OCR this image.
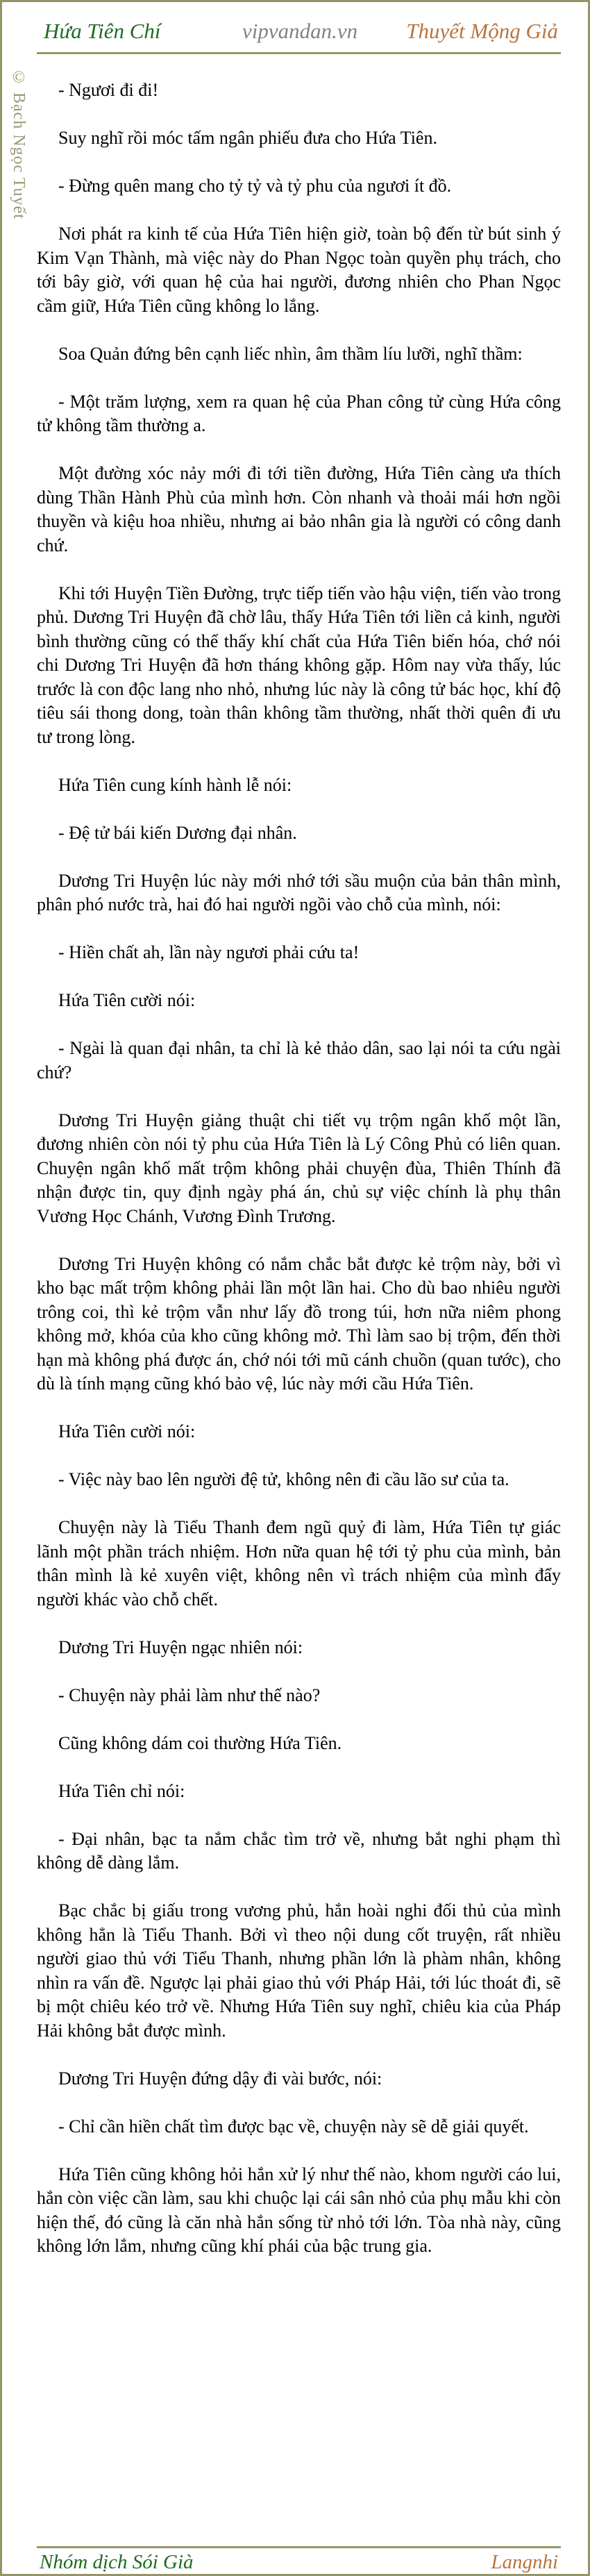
Hứa Tiên Chí	vipvandan.vn Thuyết Mộng Giả
© Bạch Ngọc Tuyết	- Ngươi đi đi!

Suy nghĩ rồi móc tấm ngân phiếu đưa cho Hứa Tiên.

- Đừng quên mang cho tỷ tỷ và tỷ phu của ngươi ít đồ.

Nơi phát ra kinh tế của Hứa Tiên hiện giờ, toàn bộ đến từ bút sinh ý Kim Vạn Thành, mà việc này do Phan Ngọc toàn quyền phụ trách, cho tới bây giờ, với quan hệ của hai người, đương nhiên cho Phan Ngọc cầm giữ, Hứa Tiên cũng không lo lắng.

Soa Quản đứng bên cạnh liếc nhìn, âm thầm líu lưỡi, nghĩ thầm:

- Một trăm lượng, xem ra quan hệ của Phan công tử cùng Hứa công tử không tầm thường a.

Một đường xóc nảy mới đi tới tiền đường, Hứa Tiên càng ưa thích dùng Thần Hành Phù của mình hơn. Còn nhanh và thoải mái hơn ngồi thuyền và kiệu hoa nhiều, nhưng ai bảo nhân gia là người có công danh chứ.

Khi tới Huyện Tiền Đường, trực tiếp tiến vào hậu viện, tiến vào trong phủ. Dương Tri Huyện đã chờ lâu, thấy Hứa Tiên tới liền cả kinh, người bình thường cũng có thể thấy khí chất của Hứa Tiên biến hóa, chớ nói chi Dương Tri Huyện đã hơn tháng không gặp. Hôm nay vừa thấy, lúc trước là con độc lang nho nhỏ, nhưng lúc này là công tử bác học, khí độ tiêu sái thong dong, toàn thân không tầm thường, nhất thời quên đi ưu tư trong lòng.

Hứa Tiên cung kính hành lễ nói:

- Đệ tử bái kiến Dương đại nhân.

Dương Tri Huyện lúc này mới nhớ tới sầu muộn của bản thân mình, phân phó nước trà, hai đó hai người ngồi vào chỗ của mình, nói:

- Hiền chất ah, lần này ngươi phải cứu ta!

Hứa Tiên cười nói:

- Ngài là quan đại nhân, ta chỉ là kẻ thảo dân, sao lại nói ta cứu ngài chứ?

Dương Tri Huyện giảng thuật chi tiết vụ trộm ngân khố một lần, đương nhiên còn nói tỷ phu của Hứa Tiên là Lý Công Phủ có liên quan. Chuyện ngân khố mất trộm không phải chuyện đùa, Thiên Thính đã nhận được tin, quy định ngày phá án, chủ sự việc chính là phụ thân Vương Học Chánh, Vương Đình Trương.

Dương Tri Huyện không có nắm chắc bắt được kẻ trộm này, bởi vì kho bạc mất trộm không phải lần một lần hai. Cho dù bao nhiêu người trông coi, thì kẻ trộm vẫn như lấy đồ trong túi, hơn nữa niêm phong không mở, khóa của kho cũng không mở. Thì làm sao bị trộm, đến thời hạn mà không phá được án, chớ nói tới mũ cánh chuồn (quan tước), cho dù là tính mạng cũng khó bảo vệ, lúc này mới cầu Hứa Tiên.

Hứa Tiên cười nói:

- Việc này bao lên người đệ tử, không nên đi cầu lão sư của ta.

Chuyện này là Tiểu Thanh đem ngũ quỷ đi làm, Hứa Tiên tự giác lãnh một phần trách nhiệm. Hơn nữa quan hệ tới tỷ phu của mình, bản thân mình là kẻ xuyên việt, không nên vì trách nhiệm của mình đẩy người khác vào chỗ chết.

Dương Tri Huyện ngạc nhiên nói:

- Chuyện này phải làm như thế nào?

Cũng không dám coi thường Hứa Tiên.

Hứa Tiên chỉ nói:

- Đại nhân, bạc ta nắm chắc tìm trở về, nhưng bắt nghi phạm thì không dễ dàng lắm.

Bạc chắc bị giấu trong vương phủ, hắn hoài nghi đối thủ của mình không hẳn là Tiểu Thanh. Bởi vì theo nội dung cốt truyện, rất nhiều người giao thủ với Tiểu Thanh, nhưng phần lớn là phàm nhân, không nhìn ra vấn đề. Ngược lại phải giao thủ với Pháp Hải, tới lúc thoát đi, sẽ bị một chiêu kéo trở về. Nhưng Hứa Tiên suy nghĩ, chiêu kia của Pháp Hải không bắt được mình.

Dương Tri Huyện đứng dậy đi vài bước, nói:

- Chỉ cần hiền chất tìm được bạc về, chuyện này sẽ dễ giải quyết.

Hứa Tiên cũng không hỏi hắn xử lý như thế nào, khom người cáo lui, hắn còn việc cần làm, sau khi chuộc lại cái sân nhỏ của phụ mẫu khi còn hiện thế, đó cũng là căn nhà hắn sống từ nhỏ tới lớn. Tòa nhà này, cũng không lớn lắm, nhưng cũng khí phái của bậc trung gia.

Nhóm dịch Sói Già	Langnhi
